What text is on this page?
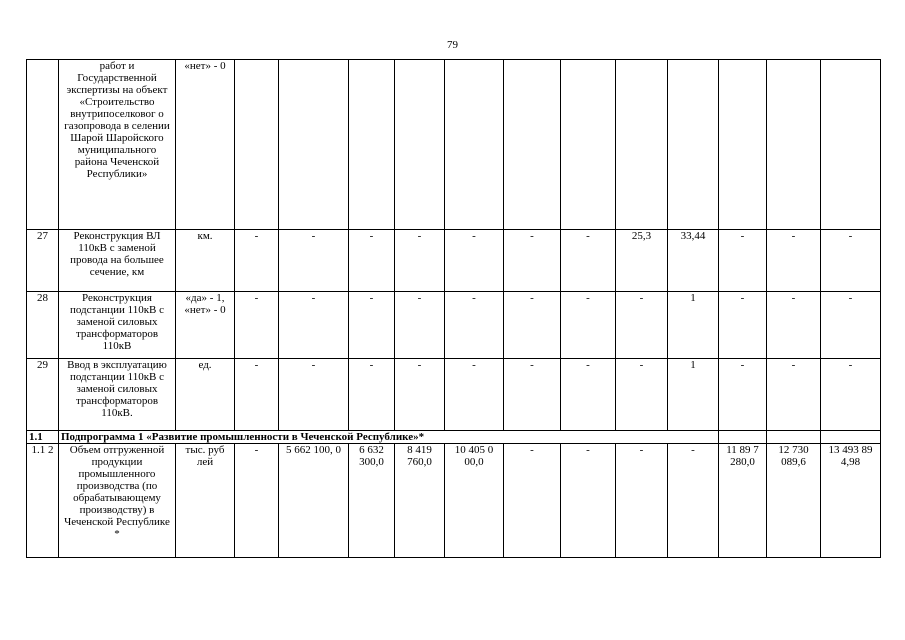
79
	работ и Государственной экспертизы на объект «Строительство внутрипоселковог о газопровода в селении Шарой Шаройского муниципального района Чеченской Республики»	«нет» - 0												
27	Реконструкция ВЛ 110кВ с заменой провода на большее сечение, км	км.	-	-	-	-	-	-	-	25,3	33,44	-	-	-
28	Реконструкция подстанции 110кВ с заменой силовых трансформаторов 110кВ	«да» - 1, «нет» - 0	-	-	-	-	-	-	-	-	1	-	-	-
29	Ввод в эксплуатацию подстанции 110кВ с заменой силовых трансформаторов 110кВ.	ед.	-	-	-	-	-	-	-	-	1	-	-	-
1.1	Подпрограмма 1 «Развитие промышленности в Чеченской Республике»*													
1.1 2	Объем отгруженной продукции промышленного производства (по обрабатывающему производству) в Чеченской Республике *	тыс. руб лей	-	5 662 100, 0	6 632 300,0	8 419 760,0	10 405 0 00,0	-	-	-	-	11 89 7 280,0	12 730 089,6	13 493 89 4,98
